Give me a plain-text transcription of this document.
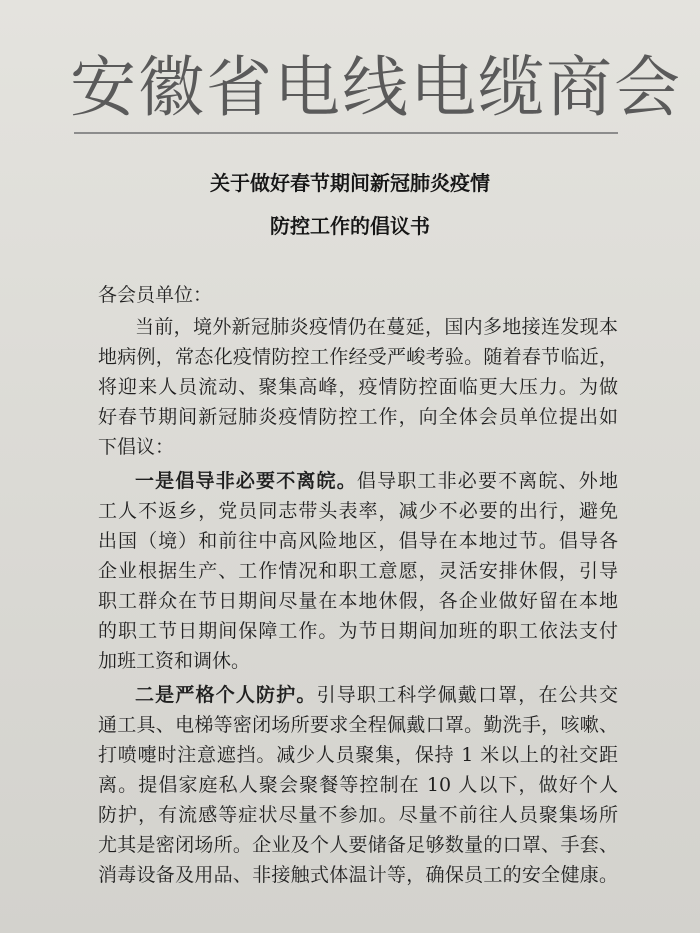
安徽省电线电缆商会
关于做好春节期间新冠肺炎疫情
防控工作的倡议书
各会员单位：
当前，境外新冠肺炎疫情仍在蔓延，国内多地接连发现本
地病例，常态化疫情防控工作经受严峻考验。随着春节临近，
将迎来人员流动、聚集高峰，疫情防控面临更大压力。为做
好春节期间新冠肺炎疫情防控工作，向全体会员单位提出如
下倡议：
一是倡导非必要不离皖。倡导职工非必要不离皖、外地
工人不返乡，党员同志带头表率，减少不必要的出行，避免
出国（境）和前往中高风险地区，倡导在本地过节。倡导各
企业根据生产、工作情况和职工意愿，灵活安排休假，引导
职工群众在节日期间尽量在本地休假，各企业做好留在本地
的职工节日期间保障工作。为节日期间加班的职工依法支付
加班工资和调休。
二是严格个人防护。引导职工科学佩戴口罩，在公共交
通工具、电梯等密闭场所要求全程佩戴口罩。勤洗手，咳嗽、
打喷嚏时注意遮挡。减少人员聚集，保持 1 米以上的社交距
离。提倡家庭私人聚会聚餐等控制在 10 人以下，做好个人
防护，有流感等症状尽量不参加。尽量不前往人员聚集场所
尤其是密闭场所。企业及个人要储备足够数量的口罩、手套、
消毒设备及用品、非接触式体温计等，确保员工的安全健康。
